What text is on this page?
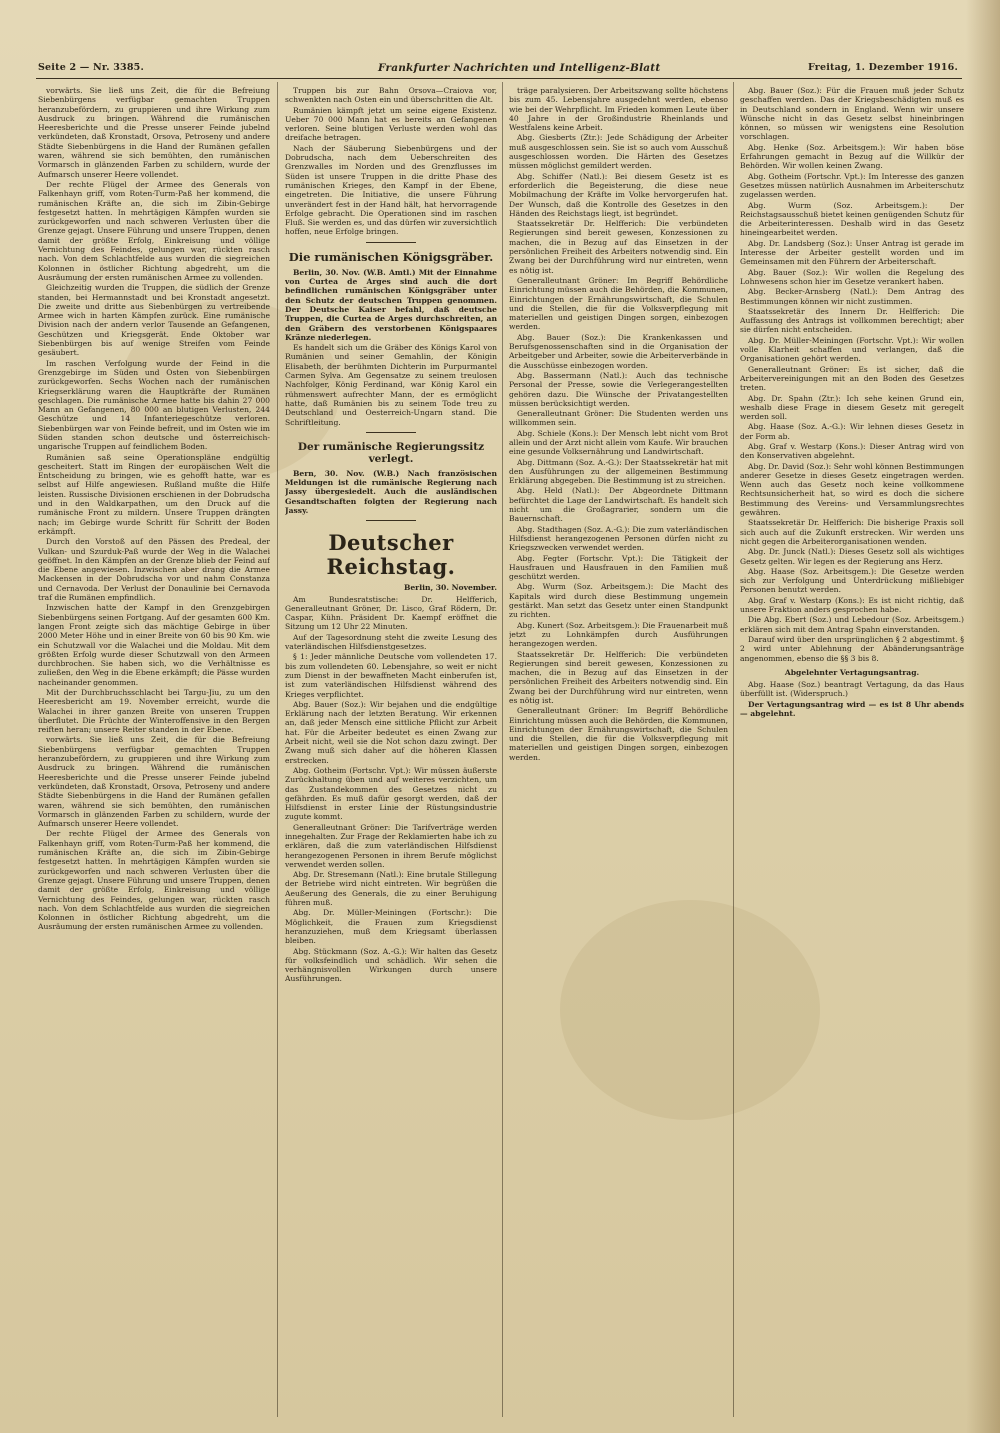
Seite 2 — Nr. 3385.	Frankfurter Nachrichten und Intelligenz-Blatt	Freitag, 1. Dezember 1916.

vorwärts. Sie ließ uns Zeit, die für die Befreiung Siebenbürgens verfügbar gemachten Truppen heranzubefördern, zu gruppieren und ihre Wirkung zum Ausdruck zu bringen. Während die rumänischen Heeresberichte und die Presse unserer Feinde jubelnd verkündeten, daß Kronstadt, Orsova, Petroseny und andere Städte Siebenbürgens in die Hand der Rumänen gefallen waren, während sie sich bemühten, den rumänischen Vormarsch in glänzenden Farben zu schildern, wurde der Aufmarsch unserer Heere vollendet.

Der rechte Flügel der Armee des Generals von Falkenhayn griff, vom Roten-Turm-Paß her kommend, die rumänischen Kräfte an, die sich im Zibin-Gebirge festgesetzt hatten. In mehrtägigen Kämpfen wurden sie zurückgeworfen und nach schweren Verlusten über die Grenze gejagt. Unsere Führung und unsere Truppen, denen damit der größte Erfolg, Einkreisung und völlige Vernichtung des Feindes, gelungen war, rückten rasch nach. Von dem Schlachtfelde aus wurden die siegreichen Kolonnen in östlicher Richtung abgedreht, um die Ausräumung der ersten rumänischen Armee zu vollenden.

Gleichzeitig wurden die Truppen, die südlich der Grenze standen, bei Hermannstadt und bei Kronstadt angesetzt. Die zweite und dritte aus Siebenbürgen zu vertreibende Armee wich in harten Kämpfen zurück. Eine rumänische Division nach der andern verlor Tausende an Gefangenen, Geschützen und Kriegsgerät. Ende Oktober war Siebenbürgen bis auf wenige Streifen vom Feinde gesäubert.

Im raschen Verfolgung wurde der Feind in die Grenzgebirge im Süden und Osten von Siebenbürgen zurückgeworfen. Sechs Wochen nach der rumänischen Kriegserklärung waren die Hauptkräfte der Rumänen geschlagen. Die rumänische Armee hatte bis dahin 27 000 Mann an Gefangenen, 80 000 an blutigen Verlusten, 244 Geschütze und 14 Infanteriegeschütze verloren. Siebenbürgen war von Feinde befreit, und im Osten wie im Süden standen schon deutsche und österreichisch-ungarische Truppen auf feindlichem Boden.

Rumänien saß seine Operationspläne endgültig gescheitert. Statt im Ringen der europäischen Welt die Entscheidung zu bringen, wie es gehofft hatte, war es selbst auf Hilfe angewiesen. Rußland mußte die Hilfe leisten. Russische Divisionen erschienen in der Dobrudscha und in den Waldkarpathen, um den Druck auf die rumänische Front zu mildern. Unsere Truppen drängten nach; im Gebirge wurde Schritt für Schritt der Boden erkämpft.

Durch den Vorstoß auf den Pässen des Predeal, der Vulkan- und Szurduk-Paß wurde der Weg in die Walachei geöffnet. In den Kämpfen an der Grenze blieb der Feind auf die Ebene angewiesen. Inzwischen aber drang die Armee Mackensen in der Dobrudscha vor und nahm Constanza und Cernavoda. Der Verlust der Donaulinie bei Cernavoda traf die Rumänen empfindlich.

Inzwischen hatte der Kampf in den Grenzgebirgen Siebenbürgens seinen Fortgang. Auf der gesamten 600 Km. langen Front zeigte sich das mächtige Gebirge in über 2000 Meter Höhe und in einer Breite von 60 bis 90 Km. wie ein Schutzwall vor die Walachei und die Moldau. Mit dem größten Erfolg wurde dieser Schutzwall von den Armeen durchbrochen. Sie haben sich, wo die Verhältnisse es zuließen, den Weg in die Ebene erkämpft; die Pässe wurden nacheinander genommen.

Mit der Durchbruchsschlacht bei Targu-Jiu, zu um den Heeresbericht am 19. November erreicht, wurde die Walachei in ihrer ganzen Breite von unseren Truppen überflutet. Die Früchte der Winteroffensive in den Bergen reiften heran; unsere Reiter standen in der Ebene.

vorwärts. Sie ließ uns Zeit, die für die Befreiung Siebenbürgens verfügbar gemachten Truppen heranzubefördern, zu gruppieren und ihre Wirkung zum Ausdruck zu bringen. Während die rumänischen Heeresberichte und die Presse unserer Feinde jubelnd verkündeten, daß Kronstadt, Orsova, Petroseny und andere Städte Siebenbürgens in die Hand der Rumänen gefallen waren, während sie sich bemühten, den rumänischen Vormarsch in glänzenden Farben zu schildern, wurde der Aufmarsch unserer Heere vollendet.

Der rechte Flügel der Armee des Generals von Falkenhayn griff, vom Roten-Turm-Paß her kommend, die rumänischen Kräfte an, die sich im Zibin-Gebirge festgesetzt hatten. In mehrtägigen Kämpfen wurden sie zurückgeworfen und nach schweren Verlusten über die Grenze gejagt. Unsere Führung und unsere Truppen, denen damit der größte Erfolg, Einkreisung und völlige Vernichtung des Feindes, gelungen war, rückten rasch nach. Von dem Schlachtfelde aus wurden die siegreichen Kolonnen in östlicher Richtung abgedreht, um die Ausräumung der ersten rumänischen Armee zu vollenden.

Truppen bis zur Bahn Orsova—Craiova vor, schwenkten nach Osten ein und überschritten die Alt.

Rumänien kämpft jetzt um seine eigene Existenz. Ueber 70 000 Mann hat es bereits an Gefangenen verloren. Seine blutigen Verluste werden wohl das dreifache betragen.

Nach der Säuberung Siebenbürgens und der Dobrudscha, nach dem Ueberschreiten des Grenzwalles im Norden und des Grenzflusses im Süden ist unsere Truppen in die dritte Phase des rumänischen Krieges, den Kampf in der Ebene, eingetreten. Die Initiative, die unsere Führung unverändert fest in der Hand hält, hat hervorragende Erfolge gebracht. Die Operationen sind im raschen Fluß. Sie werden es, und das dürfen wir zuversichtlich hoffen, neue Erfolge bringen.

Die rumänischen Königsgräber.

Berlin, 30. Nov. (W.B. Amtl.) Mit der Einnahme von Curtea de Arges sind auch die dort befindlichen rumänischen Königsgräber unter den Schutz der deutschen Truppen genommen. Der Deutsche Kaiser befahl, daß deutsche Truppen, die Curtea de Arges durchschreiten, an den Gräbern des verstorbenen Königspaares Kränze niederlegen.

Es handelt sich um die Gräber des Königs Karol von Rumänien und seiner Gemahlin, der Königin Elisabeth, der berühmten Dichterin im Purpurmantel Carmen Sylva. Am Gegensatze zu seinem treulosen Nachfolger, König Ferdinand, war König Karol ein rühmenswert aufrechter Mann, der es ermöglicht hatte, daß Rumänien bis zu seinem Tode treu zu Deutschland und Oesterreich-Ungarn stand. Die Schriftleitung.

Der rumänische Regierungssitz verlegt.

Bern, 30. Nov. (W.B.) Nach französischen Meldungen ist die rumänische Regierung nach Jassy übergesiedelt. Auch die ausländischen Gesandtschaften folgten der Regierung nach Jassy.

Deutscher Reichstag.
Berlin, 30. November.

Am Bundesratstische: Dr. Helfferich, Generalleutnant Gröner, Dr. Lisco, Graf Rödern, Dr. Caspar, Kühn. Präsident Dr. Kaempf eröffnet die Sitzung um 12 Uhr 22 Minuten.

Auf der Tagesordnung steht die zweite Lesung des vaterländischen Hilfsdienstgesetzes.

§ 1: Jeder männliche Deutsche vom vollendeten 17. bis zum vollendeten 60. Lebensjahre, so weit er nicht zum Dienst in der bewaffneten Macht einberufen ist, ist zum vaterländischen Hilfsdienst während des Krieges verpflichtet.

Abg. Bauer (Soz.): Wir bejahen und die endgültige Erklärung nach der letzten Beratung. Wir erkennen an, daß jeder Mensch eine sittliche Pflicht zur Arbeit hat. Für die Arbeiter bedeutet es einen Zwang zur Arbeit nicht, weil sie die Not schon dazu zwingt. Der Zwang muß sich daher auf die höheren Klassen erstrecken.

Abg. Gotheim (Fortschr. Vpt.): Wir müssen äußerste Zurückhaltung üben und auf weiteres verzichten, um das Zustandekommen des Gesetzes nicht zu gefährden. Es muß dafür gesorgt werden, daß der Hilfsdienst in erster Linie der Rüstungsindustrie zugute kommt.

Generalleutnant Gröner: Die Tarifverträge werden innegehalten. Zur Frage der Reklamierten habe ich zu erklären, daß die zum vaterländischen Hilfsdienst herangezogenen Personen in ihrem Berufe möglichst verwendet werden sollen.

Abg. Dr. Stresemann (Natl.): Eine brutale Stillegung der Betriebe wird nicht eintreten. Wir begrüßen die Aeußerung des Generals, die zu einer Beruhigung führen muß.

Abg. Dr. Müller-Meiningen (Fortschr.): Die Möglichkeit, die Frauen zum Kriegsdienst heranzuziehen, muß dem Kriegsamt überlassen bleiben.

Abg. Stückmann (Soz. A.-G.): Wir halten das Gesetz für volksfeindlich und schädlich. Wir sehen die verhängnisvollen Wirkungen durch unsere Ausführungen.

träge paralysieren. Der Arbeitszwang sollte höchstens bis zum 45. Lebensjahre ausgedehnt werden, ebenso wie bei der Wehrpflicht. Im Frieden kommen Leute über 40 Jahre in der Großindustrie Rheinlands und Westfalens keine Arbeit.

Abg. Giesberts (Ztr.): Jede Schädigung der Arbeiter muß ausgeschlossen sein. Sie ist so auch vom Ausschuß ausgeschlossen worden. Die Härten des Gesetzes müssen möglichst gemildert werden.

Abg. Schiffer (Natl.): Bei diesem Gesetz ist es erforderlich die Begeisterung, die diese neue Mobilmachung der Kräfte im Volke hervorgerufen hat. Der Wunsch, daß die Kontrolle des Gesetzes in den Händen des Reichstags liegt, ist begründet.

Staatssekretär Dr. Helfferich: Die verbündeten Regierungen sind bereit gewesen, Konzessionen zu machen, die in Bezug auf das Einsetzen in der persönlichen Freiheit des Arbeiters notwendig sind. Ein Zwang bei der Durchführung wird nur eintreten, wenn es nötig ist.

Generalleutnant Gröner: Im Begriff Behördliche Einrichtung müssen auch die Behörden, die Kommunen, Einrichtungen der Ernährungswirtschaft, die Schulen und die Stellen, die für die Volksverpflegung mit materiellen und geistigen Dingen sorgen, einbezogen werden.

Abg. Bauer (Soz.): Die Krankenkassen und Berufsgenossenschaften sind in die Organisation der Arbeitgeber und Arbeiter, sowie die Arbeiterverbände in die Ausschüsse einbezogen worden.

Abg. Bassermann (Natl.): Auch das technische Personal der Presse, sowie die Verlegerangestellten gehören dazu. Die Wünsche der Privatangestellten müssen berücksichtigt werden.

Generalleutnant Gröner: Die Studenten werden uns willkommen sein.

Abg. Schiele (Kons.): Der Mensch lebt nicht vom Brot allein und der Arzt nicht allein vom Kaufe. Wir brauchen eine gesunde Volksernährung und Landwirtschaft.

Abg. Dittmann (Soz. A.-G.): Der Staatssekretär hat mit den Ausführungen zu der allgemeinen Bestimmung Erklärung abgegeben. Die Bestimmung ist zu streichen.

Abg. Held (Natl.): Der Abgeordnete Dittmann befürchtet die Lage der Landwirtschaft. Es handelt sich nicht um die Großagrarier, sondern um die Bauernschaft.

Abg. Stadthagen (Soz. A.-G.): Die zum vaterländischen Hilfsdienst herangezogenen Personen dürfen nicht zu Kriegszwecken verwendet werden.

Abg. Fegter (Fortschr. Vpt.): Die Tätigkeit der Hausfrauen und Hausfrauen in den Familien muß geschützt werden.

Abg. Wurm (Soz. Arbeitsgem.): Die Macht des Kapitals wird durch diese Bestimmung ungemein gestärkt. Man setzt das Gesetz unter einen Standpunkt zu richten.

Abg. Kunert (Soz. Arbeitsgem.): Die Frauenarbeit muß jetzt zu Lohnkämpfen durch Ausführungen herangezogen werden.

Staatssekretär Dr. Helfferich: Die verbündeten Regierungen sind bereit gewesen, Konzessionen zu machen, die in Bezug auf das Einsetzen in der persönlichen Freiheit des Arbeiters notwendig sind. Ein Zwang bei der Durchführung wird nur eintreten, wenn es nötig ist.

Generalleutnant Gröner: Im Begriff Behördliche Einrichtung müssen auch die Behörden, die Kommunen, Einrichtungen der Ernährungswirtschaft, die Schulen und die Stellen, die für die Volksverpflegung mit materiellen und geistigen Dingen sorgen, einbezogen werden.

Abg. Bauer (Soz.): Für die Frauen muß jeder Schutz geschaffen werden. Das der Kriegsbeschädigten muß es in Deutschland sondern in England. Wenn wir unsere Wünsche nicht in das Gesetz selbst hineinbringen können, so müssen wir wenigstens eine Resolution vorschlagen.

Abg. Henke (Soz. Arbeitsgem.): Wir haben böse Erfahrungen gemacht in Bezug auf die Willkür der Behörden. Wir wollen keinen Zwang.

Abg. Gotheim (Fortschr. Vpt.): Im Interesse des ganzen Gesetzes müssen natürlich Ausnahmen im Arbeiterschutz zugelassen werden.

Abg. Wurm (Soz. Arbeitsgem.): Der Reichstagsausschuß bietet keinen genügenden Schutz für die Arbeiterinteressen. Deshalb wird in das Gesetz hineingearbeitet werden.

Abg. Dr. Landsberg (Soz.): Unser Antrag ist gerade im Interesse der Arbeiter gestellt worden und im Gemeinsamen mit den Führern der Arbeiterschaft.

Abg. Bauer (Soz.): Wir wollen die Regelung des Lohnwesens schon hier im Gesetze verankert haben.

Abg. Becker-Arnsberg (Natl.): Dem Antrag des Bestimmungen können wir nicht zustimmen.

Staatssekretär des Innern Dr. Helfferich: Die Auffassung des Antrags ist vollkommen berechtigt; aber sie dürfen nicht entscheiden.

Abg. Dr. Müller-Meiningen (Fortschr. Vpt.): Wir wollen volle Klarheit schaffen und verlangen, daß die Organisationen gehört werden.

Generalleutnant Gröner: Es ist sicher, daß die Arbeitervereinigungen mit an den Boden des Gesetzes treten.

Abg. Dr. Spahn (Ztr.): Ich sehe keinen Grund ein, weshalb diese Frage in diesem Gesetz mit geregelt werden soll.

Abg. Haase (Soz. A.-G.): Wir lehnen dieses Gesetz in der Form ab.

Abg. Graf v. Westarp (Kons.): Dieser Antrag wird von den Konservativen abgelehnt.

Abg. Dr. David (Soz.): Sehr wohl können Bestimmungen anderer Gesetze in dieses Gesetz eingetragen werden. Wenn auch das Gesetz noch keine vollkommene Rechtsunsicherheit hat, so wird es doch die sichere Bestimmung des Vereins- und Versammlungsrechtes gewähren.

Staatssekretär Dr. Helfferich: Die bisherige Praxis soll sich auch auf die Zukunft erstrecken. Wir werden uns nicht gegen die Arbeiterorganisationen wenden.

Abg. Dr. Junck (Natl.): Dieses Gesetz soll als wichtiges Gesetz gelten. Wir legen es der Regierung ans Herz.

Abg. Haase (Soz. Arbeitsgem.): Die Gesetze werden sich zur Verfolgung und Unterdrückung mißliebiger Personen benutzt werden.

Abg. Graf v. Westarp (Kons.): Es ist nicht richtig, daß unsere Fraktion anders gesprochen habe.

Die Abg. Ebert (Soz.) und Lebedour (Soz. Arbeitsgem.) erklären sich mit dem Antrag Spahn einverstanden.

Darauf wird über den ursprünglichen § 2 abgestimmt. § 2 wird unter Ablehnung der Abänderungsanträge angenommen, ebenso die §§ 3 bis 8.

Abgelehnter Vertagungsantrag.

Abg. Haase (Soz.) beantragt Vertagung, da das Haus überfüllt ist. (Widerspruch.)

Der Vertagungsantrag wird — es ist 8 Uhr abends — abgelehnt.
